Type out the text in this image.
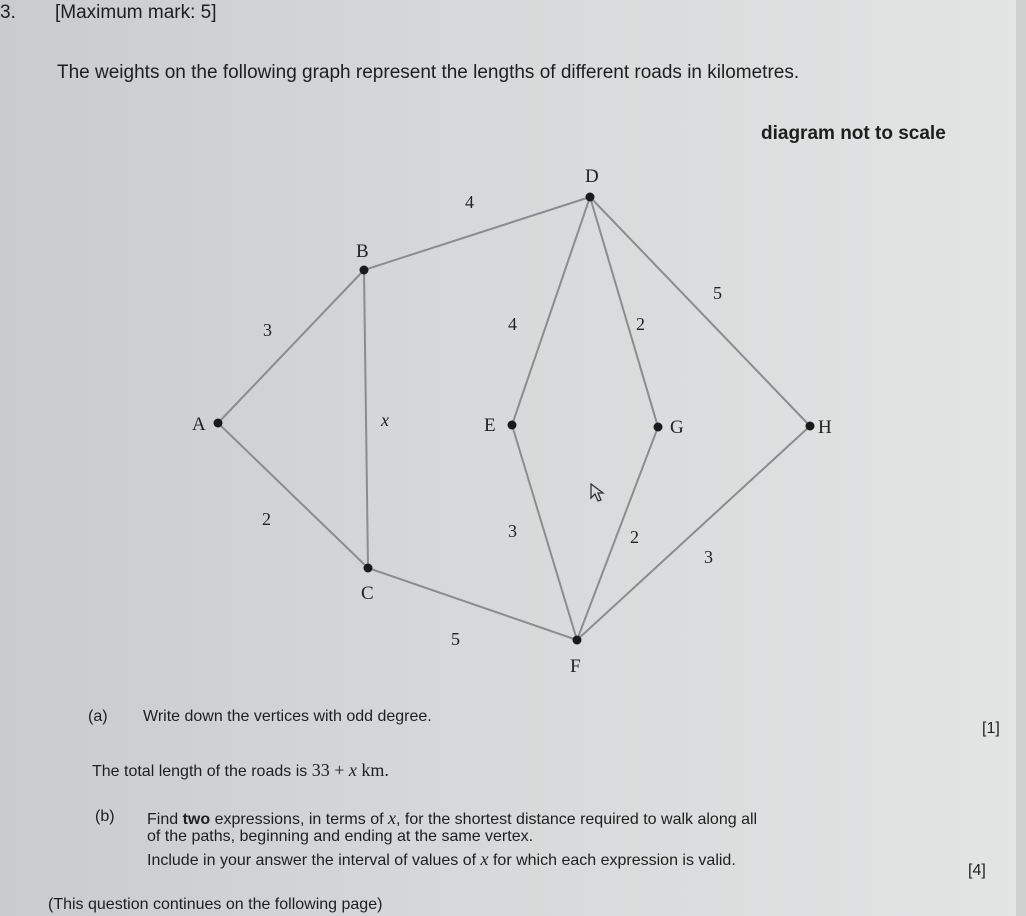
3. [Maximum mark: 5]
The weights on the following graph represent the lengths of different roads in kilometres.
diagram not to scale
A
B
C
D
E
F
G	H
3
2
x
4
5
4	2
5
3	2
3
(a) Write down the vertices with odd degree.
[1]
The total length of the roads is 33 + x km.
(b) Find two expressions, in terms of x, for the shortest distance required to walk along all
of the paths, beginning and ending at the same vertex.
Include in your answer the interval of values of x for which each expression is valid.
[4]
(This question continues on the following page)
